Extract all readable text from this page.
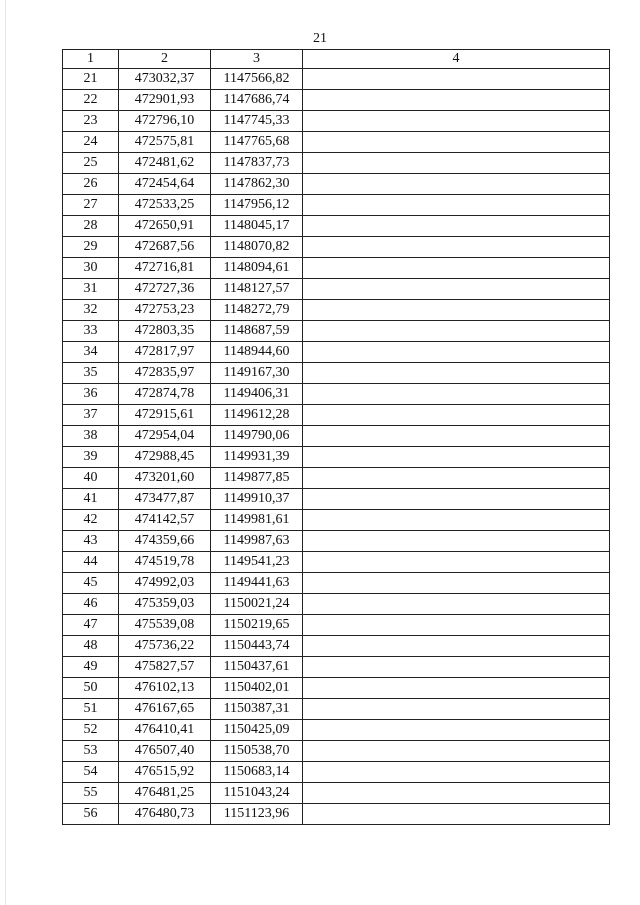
21
1	2	3	4
21	473032,37	1147566,82	
22	472901,93	1147686,74	
23	472796,10	1147745,33	
24	472575,81	1147765,68	
25	472481,62	1147837,73	
26	472454,64	1147862,30	
27	472533,25	1147956,12	
28	472650,91	1148045,17	
29	472687,56	1148070,82	
30	472716,81	1148094,61	
31	472727,36	1148127,57	
32	472753,23	1148272,79	
33	472803,35	1148687,59	
34	472817,97	1148944,60	
35	472835,97	1149167,30	
36	472874,78	1149406,31	
37	472915,61	1149612,28	
38	472954,04	1149790,06	
39	472988,45	1149931,39	
40	473201,60	1149877,85	
41	473477,87	1149910,37	
42	474142,57	1149981,61	
43	474359,66	1149987,63	
44	474519,78	1149541,23	
45	474992,03	1149441,63	
46	475359,03	1150021,24	
47	475539,08	1150219,65	
48	475736,22	1150443,74	
49	475827,57	1150437,61	
50	476102,13	1150402,01	
51	476167,65	1150387,31	
52	476410,41	1150425,09	
53	476507,40	1150538,70	
54	476515,92	1150683,14	
55	476481,25	1151043,24	
56	476480,73	1151123,96	
